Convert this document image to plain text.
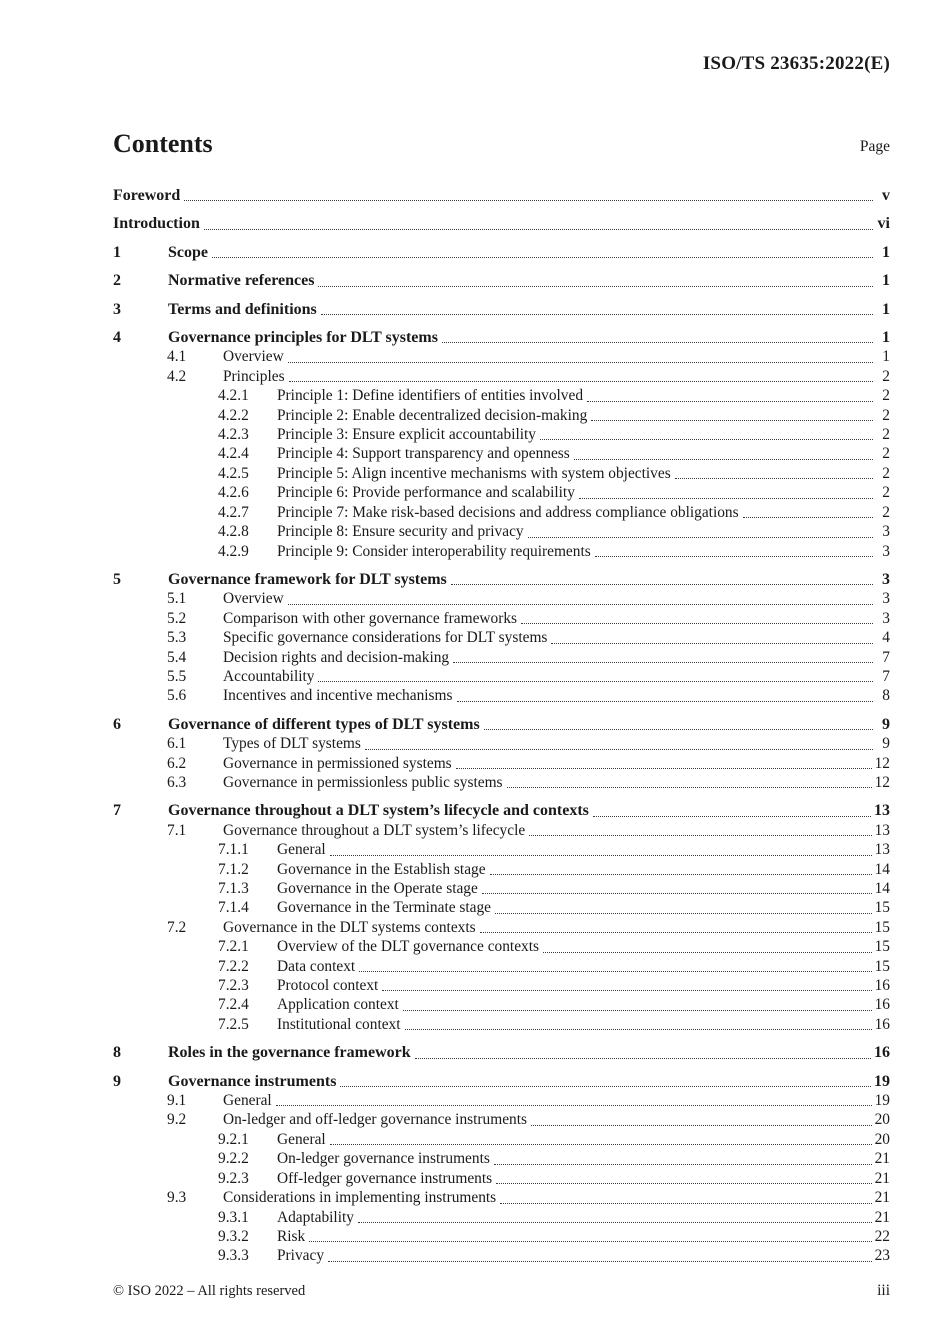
ISO/TS 23635:2022(E)
Contents	Page
Foreword	v
Introduction	vi
1	Scope	1
2	Normative references	1
3	Terms and definitions	1
4	Governance principles for DLT systems	1
4.1	Overview	1
4.2	Principles	2
4.2.1	Principle 1: Define identifiers of entities involved	2
4.2.2	Principle 2: Enable decentralized decision-making	2
4.2.3	Principle 3: Ensure explicit accountability	2
4.2.4	Principle 4: Support transparency and openness	2
4.2.5	Principle 5: Align incentive mechanisms with system objectives	2
4.2.6	Principle 6: Provide performance and scalability	2
4.2.7	Principle 7: Make risk-based decisions and address compliance obligations	2
4.2.8	Principle 8: Ensure security and privacy	3
4.2.9	Principle 9: Consider interoperability requirements	3
5	Governance framework for DLT systems	3
5.1	Overview	3
5.2	Comparison with other governance frameworks	3
5.3	Specific governance considerations for DLT systems	4
5.4	Decision rights and decision-making	7
5.5	Accountability	7
5.6	Incentives and incentive mechanisms	8
6	Governance of different types of DLT systems	9
6.1	Types of DLT systems	9
6.2	Governance in permissioned systems	12
6.3	Governance in permissionless public systems	12
7	Governance throughout a DLT system’s lifecycle and contexts	13
7.1	Governance throughout a DLT system’s lifecycle	13
7.1.1	General	13
7.1.2	Governance in the Establish stage	14
7.1.3	Governance in the Operate stage	14
7.1.4	Governance in the Terminate stage	15
7.2	Governance in the DLT systems contexts	15
7.2.1	Overview of the DLT governance contexts	15
7.2.2	Data context	15
7.2.3	Protocol context	16
7.2.4	Application context	16
7.2.5	Institutional context	16
8	Roles in the governance framework	16
9	Governance instruments	19
9.1	General	19
9.2	On-ledger and off-ledger governance instruments	20
9.2.1	General	20
9.2.2	On-ledger governance instruments	21
9.2.3	Off-ledger governance instruments	21
9.3	Considerations in implementing instruments	21
9.3.1	Adaptability	21
9.3.2	Risk	22
9.3.3	Privacy	23
© ISO 2022 – All rights reserved	iii
